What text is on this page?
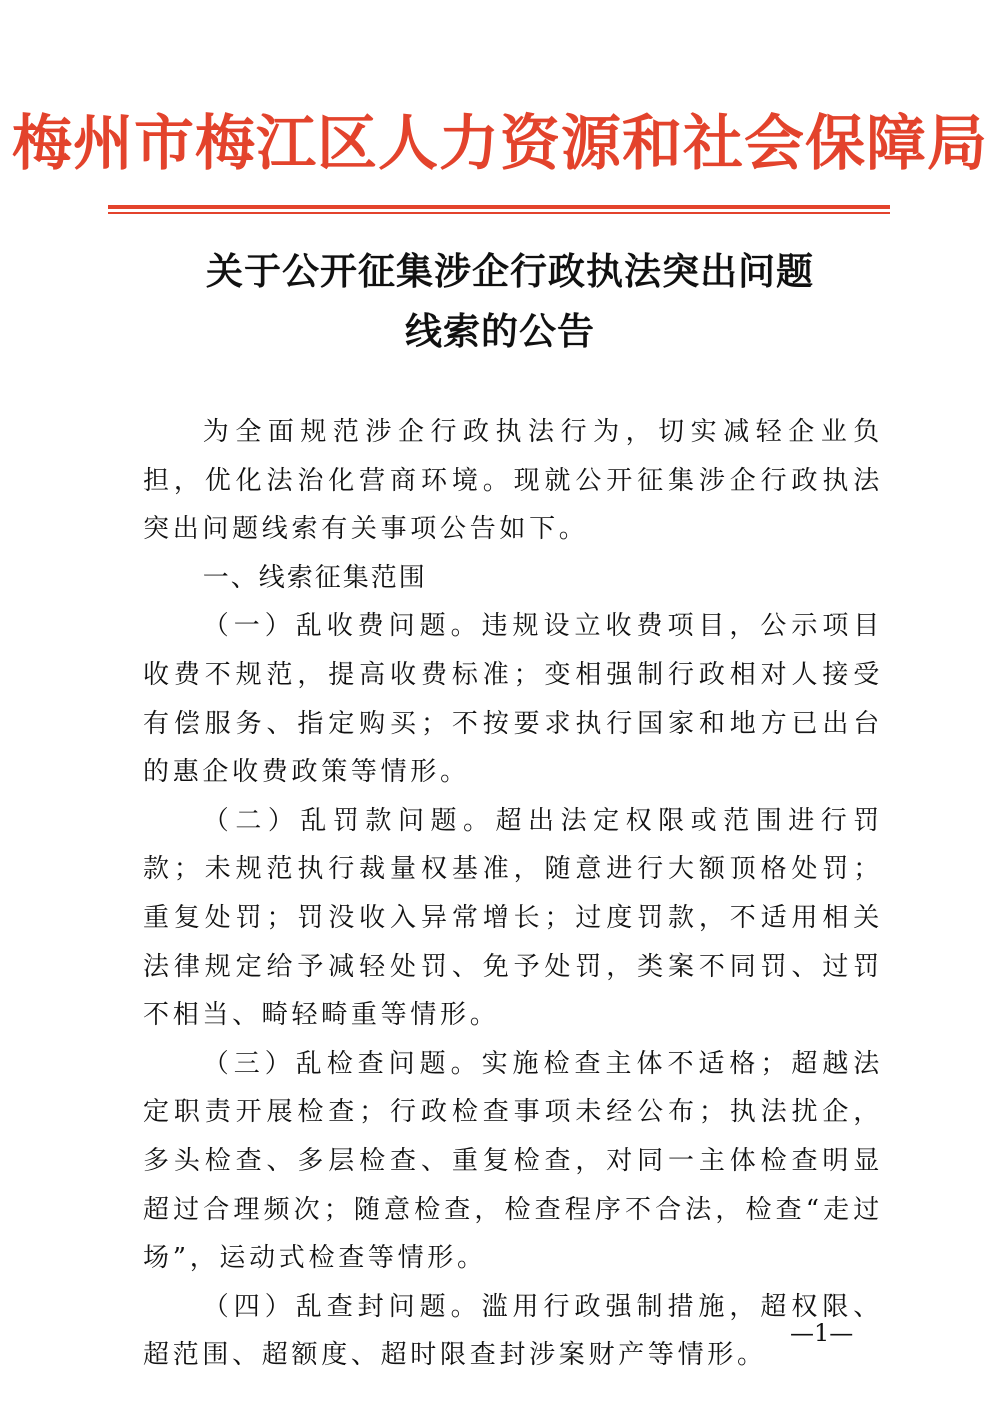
梅州市梅江区人力资源和社会保障局
关于公开征集涉企行政执法突出问题
线索的公告

为全面规范涉企行政执法行为，切实减轻企业负担，优化法治化营商环境。现就公开征集涉企行政执法突出问题线索有关事项公告如下。

一、线索征集范围

（一）乱收费问题。违规设立收费项目，公示项目收费不规范，提高收费标准；变相强制行政相对人接受有偿服务、指定购买；不按要求执行国家和地方已出台的惠企收费政策等情形。

（二）乱罚款问题。超出法定权限或范围进行罚款；未规范执行裁量权基准，随意进行大额顶格处罚；重复处罚；罚没收入异常增长；过度罚款，不适用相关法律规定给予减轻处罚、免予处罚，类案不同罚、过罚不相当、畸轻畸重等情形。

（三）乱检查问题。实施检查主体不适格；超越法定职责开展检查；行政检查事项未经公布；执法扰企，多头检查、多层检查、重复检查，对同一主体检查明显超过合理频次；随意检查，检查程序不合法，检查“走过场”，运动式检查等情形。

（四）乱查封问题。滥用行政强制措施，超权限、超范围、超额度、超时限查封涉案财产等情形。

—1—
